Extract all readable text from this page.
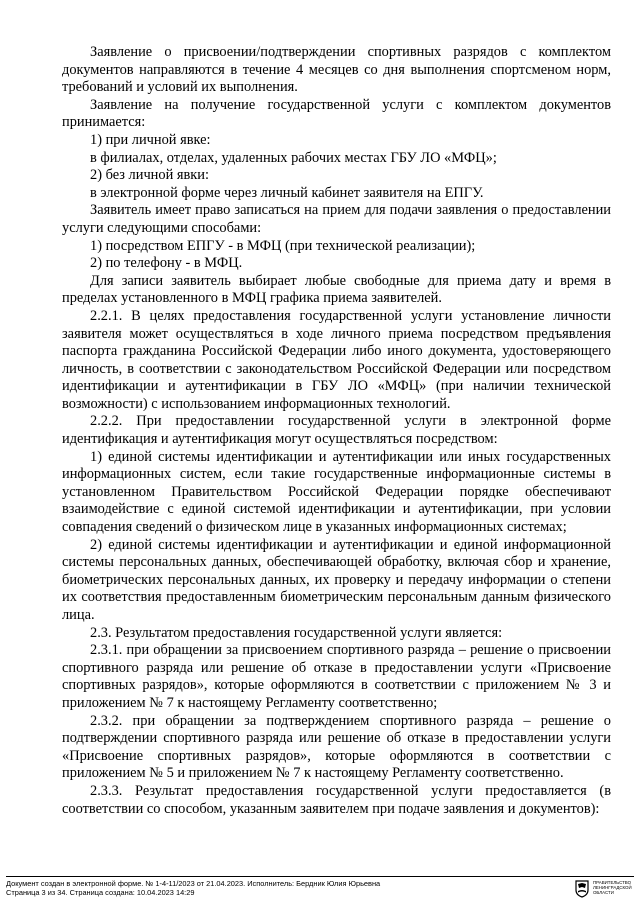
Заявление о присвоении/подтверждении спортивных разрядов с комплектом документов направляются в течение 4 месяцев со дня выполнения спортсменом норм, требований и условий их выполнения.

Заявление на получение государственной услуги с комплектом документов принимается:

1) при личной явке:

в филиалах, отделах, удаленных рабочих местах ГБУ ЛО «МФЦ»;

2) без личной явки:

в электронной форме через личный кабинет заявителя на ЕПГУ.

Заявитель имеет право записаться на прием для подачи заявления о предоставлении услуги следующими способами:

1) посредством ЕПГУ - в МФЦ (при технической реализации);

2) по телефону - в МФЦ.

Для записи заявитель выбирает любые свободные для приема дату и время в пределах установленного в МФЦ графика приема заявителей.

2.2.1. В целях предоставления государственной услуги установление личности заявителя может осуществляться в ходе личного приема посредством предъявления паспорта гражданина Российской Федерации либо иного документа, удостоверяющего личность, в соответствии с законодательством Российской Федерации или посредством идентификации и аутентификации в ГБУ ЛО «МФЦ» (при наличии технической возможности) с использованием информационных технологий.

2.2.2. При предоставлении государственной услуги в электронной форме идентификация и аутентификация могут осуществляться посредством:

1) единой системы идентификации и аутентификации или иных государственных информационных систем, если такие государственные информационные системы в установленном Правительством Российской Федерации порядке обеспечивают взаимодействие с единой системой идентификации и аутентификации, при условии совпадения сведений о физическом лице в указанных информационных системах;

2) единой системы идентификации и аутентификации и единой информационной системы персональных данных, обеспечивающей обработку, включая сбор и хранение, биометрических персональных данных, их проверку и передачу информации о степени их соответствия предоставленным биометрическим персональным данным физического лица.

2.3. Результатом предоставления государственной услуги является:

2.3.1. при обращении за присвоением спортивного разряда – решение о присвоении спортивного разряда или решение об отказе в предоставлении услуги «Присвоение спортивных разрядов», которые оформляются в соответствии с приложением № 3 и приложением № 7 к настоящему Регламенту соответственно;

2.3.2. при обращении за подтверждением спортивного разряда – решение о подтверждении спортивного разряда или решение об отказе в предоставлении услуги «Присвоение спортивных разрядов», которые оформляются в соответствии с приложением № 5 и приложением № 7 к настоящему Регламенту соответственно.

2.3.3. Результат предоставления государственной услуги предоставляется (в соответствии со способом, указанным заявителем при подаче заявления и документов):

Документ создан в электронной форме. № 1-4-11/2023 от 21.04.2023. Исполнитель: Бердник Юлия Юрьевна
Страница 3 из 34. Страница создана: 10.04.2023 14:29
ПРАВИТЕЛЬСТВО
ЛЕНИНГРАДСКОЙ
ОБЛАСТИ
